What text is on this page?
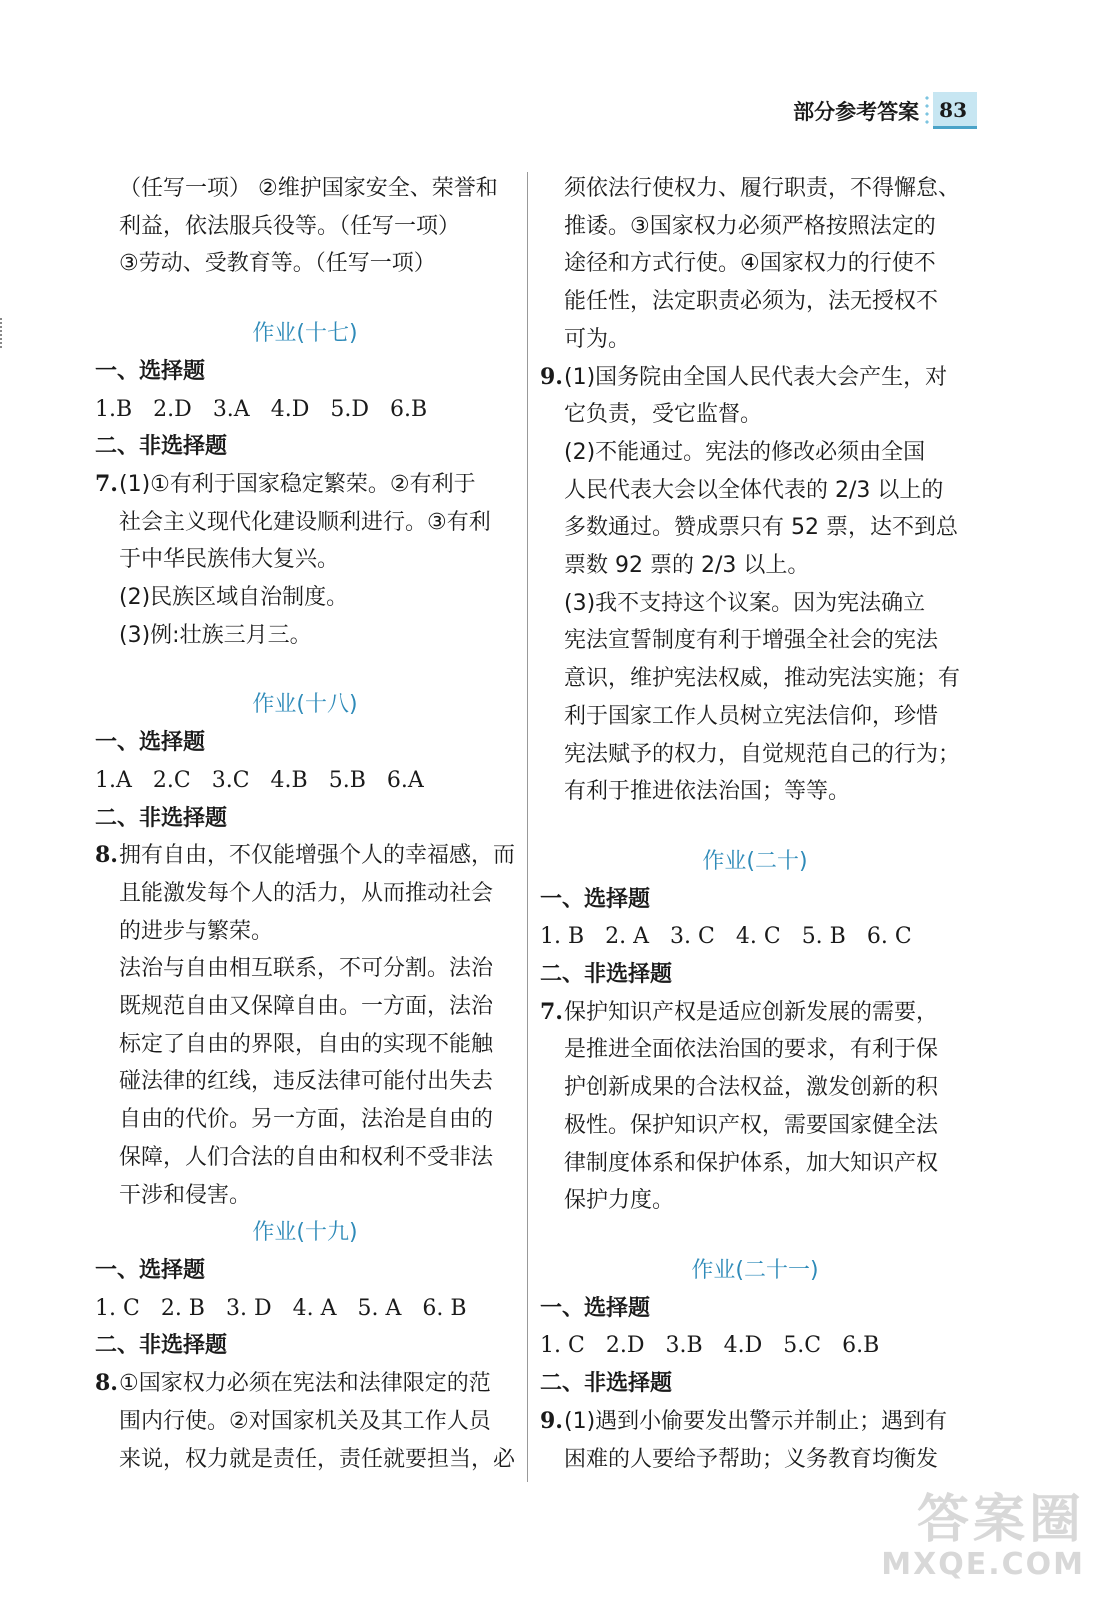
部分参考答案	83
（任写一项） ②维护国家安全、荣誉和
利益，依法服兵役等。（任写一项）
③劳动、受教育等。（任写一项）
作业(十七)
一、选择题
1.B 2.D 3.A 4.D 5.D 6.B
二、非选择题
7.(1)①有利于国家稳定繁荣。②有利于
社会主义现代化建设顺利进行。③有利
于中华民族伟大复兴。
(2)民族区域自治制度。
(3)例:壮族三月三。
作业(十八)
一、选择题
1.A 2.C 3.C 4.B 5.B 6.A
二、非选择题
8.拥有自由，不仅能增强个人的幸福感，而
且能激发每个人的活力，从而推动社会
的进步与繁荣。
法治与自由相互联系，不可分割。法治
既规范自由又保障自由。一方面，法治
标定了自由的界限，自由的实现不能触
碰法律的红线，违反法律可能付出失去
自由的代价。另一方面，法治是自由的
保障，人们合法的自由和权利不受非法
干涉和侵害。
作业(十九)
一、选择题
1. C 2. B 3. D 4. A 5. A 6. B
二、非选择题
8.①国家权力必须在宪法和法律限定的范
围内行使。②对国家机关及其工作人员
来说，权力就是责任，责任就要担当，必
须依法行使权力、履行职责，不得懈怠、
推诿。③国家权力必须严格按照法定的
途径和方式行使。④国家权力的行使不
能任性，法定职责必须为，法无授权不
可为。
9.(1)国务院由全国人民代表大会产生，对
它负责，受它监督。
(2)不能通过。宪法的修改必须由全国
人民代表大会以全体代表的 2/3 以上的
多数通过。赞成票只有 52 票，达不到总
票数 92 票的 2/3 以上。
(3)我不支持这个议案。因为宪法确立
宪法宣誓制度有利于增强全社会的宪法
意识，维护宪法权威，推动宪法实施；有
利于国家工作人员树立宪法信仰，珍惜
宪法赋予的权力，自觉规范自己的行为；
有利于推进依法治国；等等。
作业(二十)
一、选择题
1. B 2. A 3. C 4. C 5. B 6. C
二、非选择题
7.保护知识产权是适应创新发展的需要，
是推进全面依法治国的要求，有利于保
护创新成果的合法权益，激发创新的积
极性。保护知识产权，需要国家健全法
律制度体系和保护体系，加大知识产权
保护力度。
作业(二十一)
一、选择题
1. C 2.D 3.B 4.D 5.C 6.B
二、非选择题
9.(1)遇到小偷要发出警示并制止；遇到有
困难的人要给予帮助；义务教育均衡发
答案圈
MXQE.COM
